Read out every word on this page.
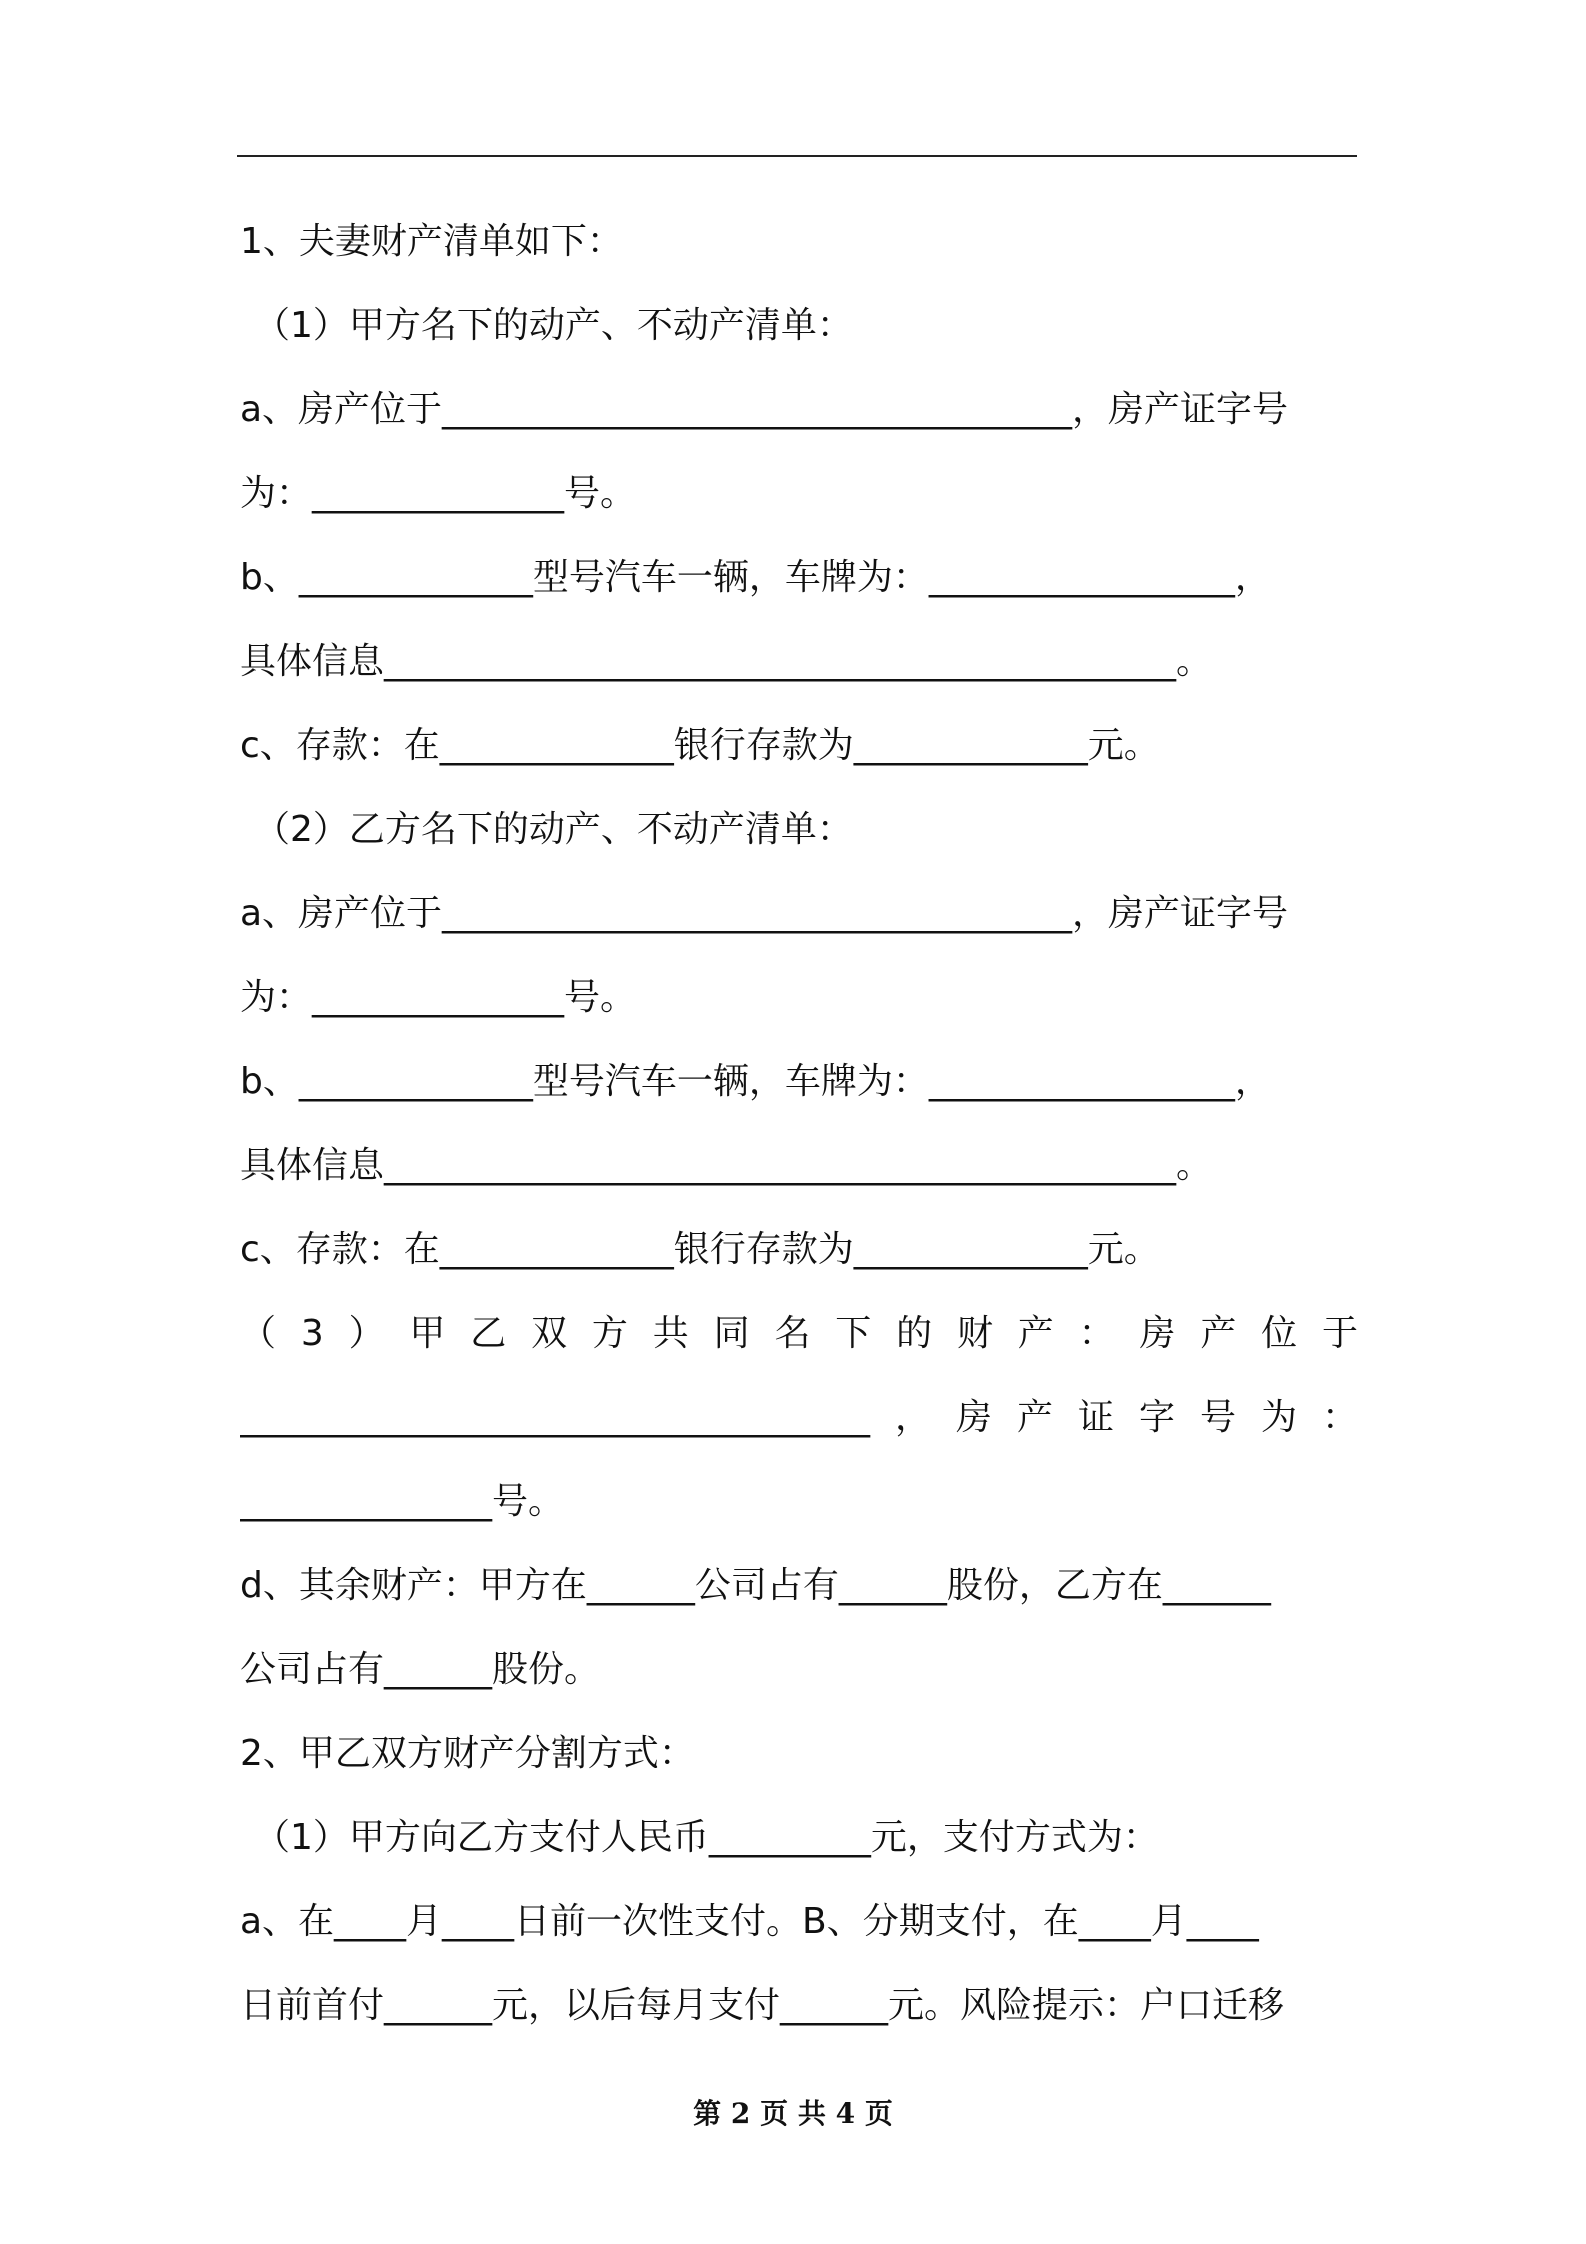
1、夫妻财产清单如下：
（1）甲方名下的动产、不动产清单：
a、房产位于___________________________________，房产证字号
为：______________号。
b、_____________型号汽车一辆，车牌为：_________________，
具体信息____________________________________________。
c、存款：在_____________银行存款为_____________元。
（2）乙方名下的动产、不动产清单：
a、房产位于___________________________________，房产证字号
为：______________号。
b、_____________型号汽车一辆，车牌为：_________________，
具体信息____________________________________________。
c、存款：在_____________银行存款为_____________元。
（3）甲乙双方共同名下的财产：房产位于
___________________________________，房产证字号为：
______________号。
d、其余财产：甲方在______公司占有______股份，乙方在______
公司占有______股份。
2、甲乙双方财产分割方式：
（1）甲方向乙方支付人民币_________元，支付方式为：
a、在____月____日前一次性支付。B、分期支付，在____月____
日前首付______元，以后每月支付______元。风险提示：户口迁移
第 2 页 共 4 页
